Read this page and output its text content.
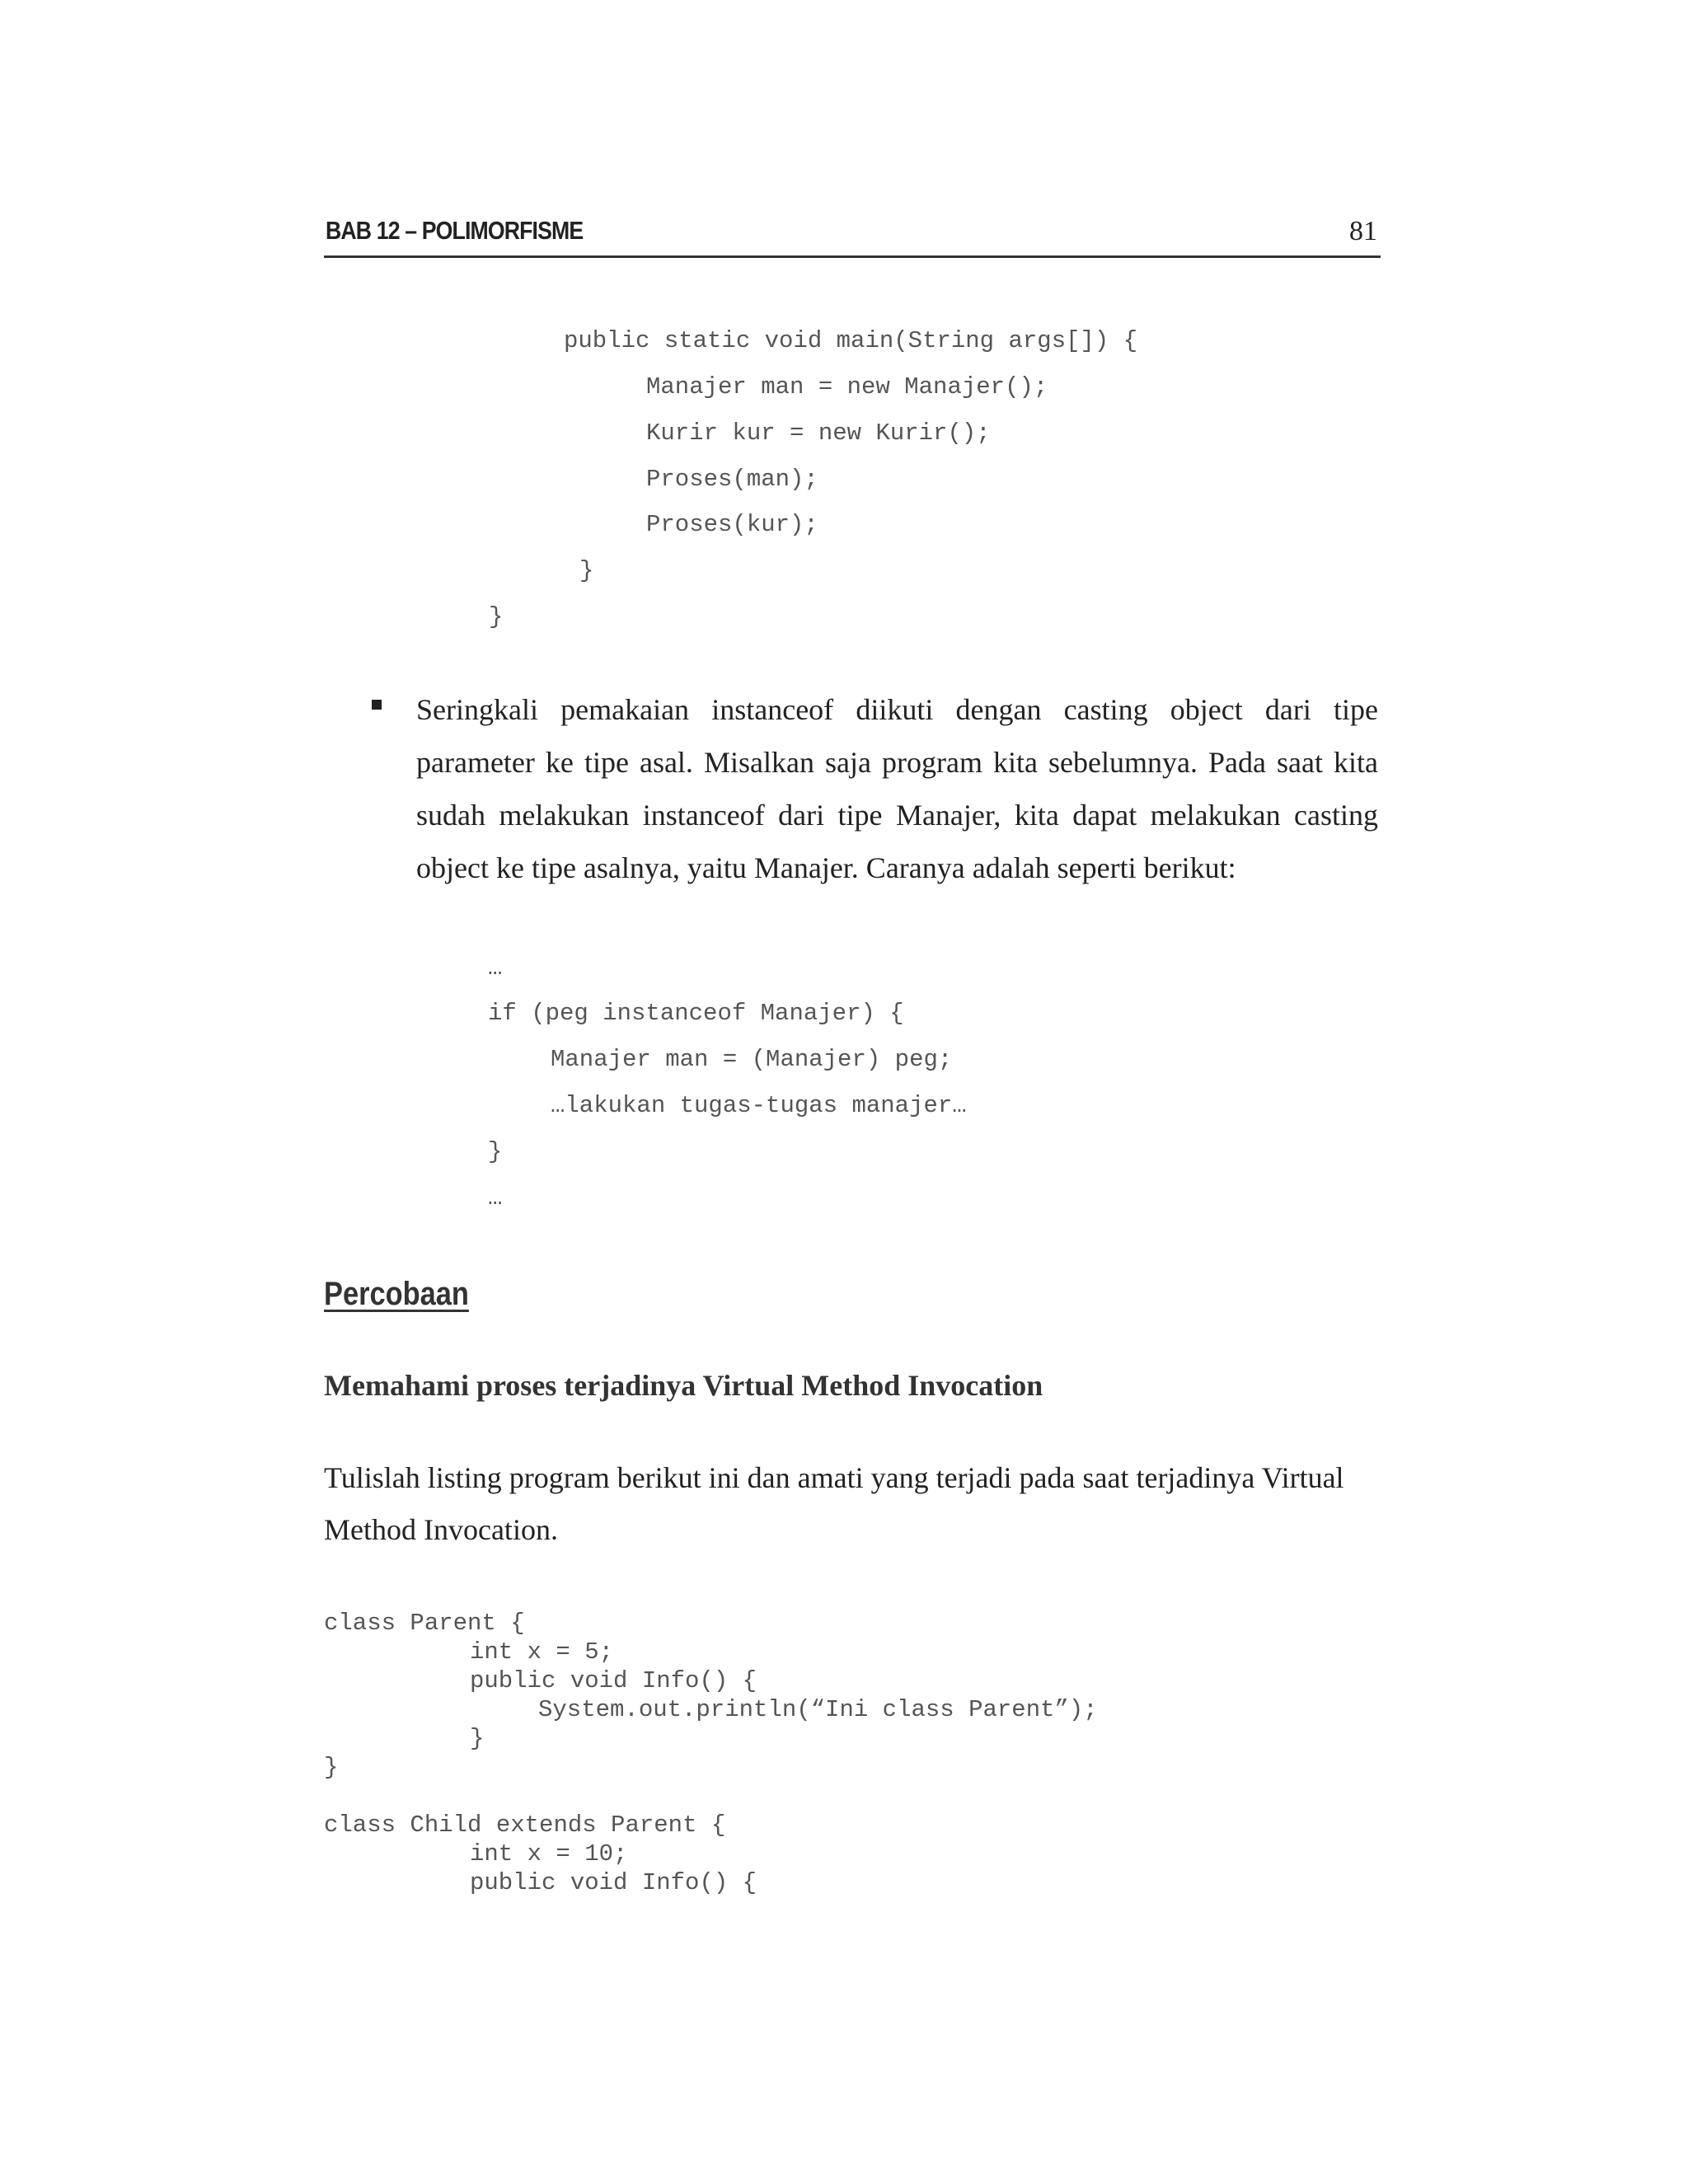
BAB 12 – POLIMORFISME	81
public static void main(String args[]) {
Manajer man = new Manajer();
Kurir kur = new Kurir();
Proses(man);
Proses(kur);
}
}

Seringkali pemakaian instanceof diikuti dengan casting object dari tipe parameter ke tipe asal. Misalkan saja program kita sebelumnya. Pada saat kita sudah melakukan instanceof dari tipe Manajer, kita dapat melakukan casting object ke tipe asalnya, yaitu Manajer. Caranya adalah seperti berikut:

…
if (peg instanceof Manajer) {
Manajer man = (Manajer) peg;
…lakukan tugas-tugas manajer…
}
…
Percobaan
Memahami proses terjadinya Virtual Method Invocation

Tulislah listing program berikut ini dan amati yang terjadi pada saat terjadinya Virtual Method Invocation.

class Parent {
int x = 5;
public void Info() {
System.out.println(“Ini class Parent”);
}
}
class Child extends Parent {
int x = 10;
public void Info() {
